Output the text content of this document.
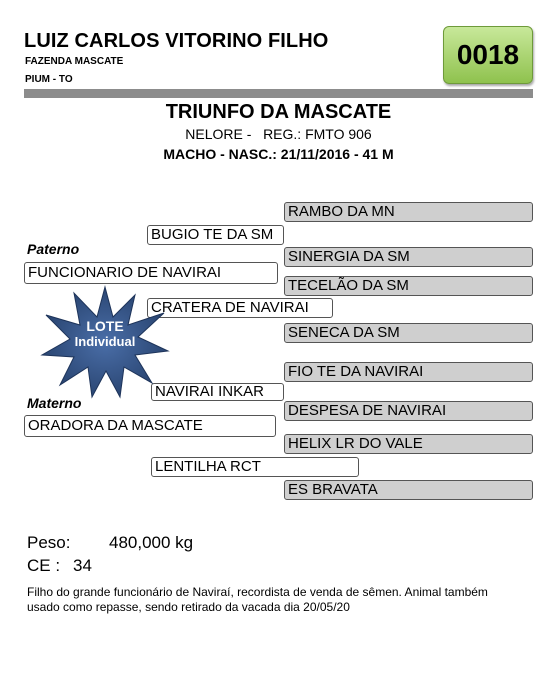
LUIZ CARLOS VITORINO FILHO
FAZENDA MASCATE
PIUM - TO
0018
TRIUNFO DA MASCATE
NELORE - REG.: FMTO 906
MACHO - NASC.: 21/11/2016 - 41 M
RAMBO DA MN
SINERGIA DA SM
TECELÃO DA SM
SENECA DA SM
FIO TE DA NAVIRAI
DESPESA DE NAVIRAI
HELIX LR DO VALE
ES BRAVATA
BUGIO TE DA SM
CRATERA DE NAVIRAI
NAVIRAI INKAR
LENTILHA RCT
Paterno
FUNCIONARIO DE NAVIRAI
Materno
ORADORA DA MASCATE
LOTE
Individual
Peso: 480,000 kg
CE : 34
Filho do grande funcionário de Naviraí, recordista de venda de sêmen. Animal também usado como repasse, sendo retirado da vacada dia 20/05/20
